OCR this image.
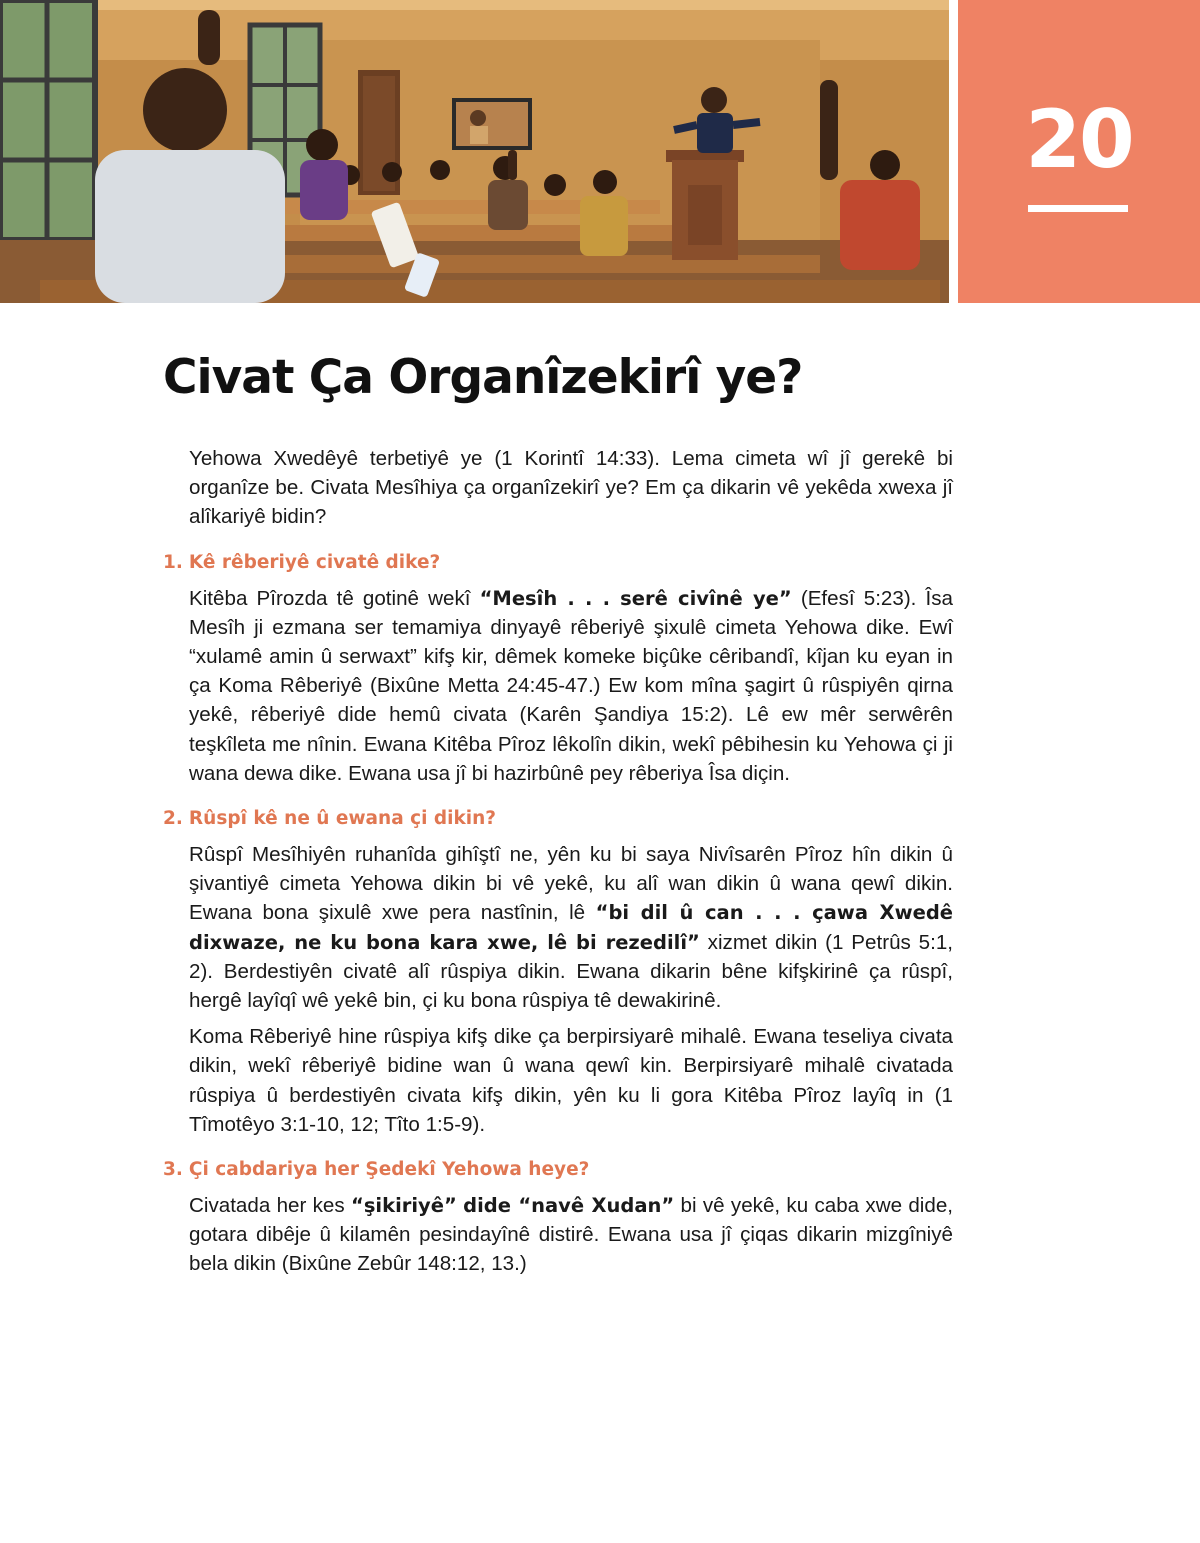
20
Civat Ça Organîzekirî ye?

Yehowa Xwedêyê terbetiyê ye (1 Korintî 14:33). Lema cimeta wî jî gerekê bi organîze be. Civata Mesîhiya ça organîzekirî ye? Em ça dikarin vê yekêda xwexa jî alîkariyê bidin?

1. Kê rêberiyê civatê dike?

Kitêba Pîrozda tê gotinê wekî “Mesîh . . . serê civînê ye” (Efesî 5:23). Îsa Mesîh ji ezmana ser temamiya dinyayê rêberiyê şixulê cimeta Yehowa dike. Ewî “xulamê amin û serwaxt” kifş kir, dêmek komeke biçûke cêribandî, kîjan ku eyan in ça Koma Rêberiyê (Bixûne Metta 24:45-47.) Ew kom mîna şagirt û rûspiyên qirna yekê, rêberiyê dide hemû civata (Karên Şandiya 15:2). Lê ew mêr serwêrên teşkîleta me nînin. Ewana Kitêba Pîroz lêkolîn dikin, wekî pêbihesin ku Yehowa çi ji wana dewa dike. Ewana usa jî bi hazirbûnê pey rêberiya Îsa diçin.

2. Rûspî kê ne û ewana çi dikin?

Rûspî Mesîhiyên ruhanîda gihîştî ne, yên ku bi saya Nivîsarên Pîroz hîn dikin û şivantiyê cimeta Yehowa dikin bi vê yekê, ku alî wan dikin û wana qewî dikin. Ewana bona şixulê xwe pera nastînin, lê “bi dil û can . . . çawa Xwedê dixwaze, ne ku bona kara xwe, lê bi rezedilî” xizmet dikin (1 Petrûs 5:1, 2). Berdestiyên civatê alî rûspiya dikin. Ewana dikarin bêne kifşkirinê ça rûspî, hergê layîqî wê yekê bin, çi ku bona rûspiya tê dewakirinê.

Koma Rêberiyê hine rûspiya kifş dike ça berpirsiyarê mihalê. Ewana teseliya civata dikin, wekî rêberiyê bidine wan û wana qewî kin. Berpirsiyarê mihalê civatada rûspiya û berdestiyên civata kifş dikin, yên ku li gora Kitêba Pîroz layîq in (1 Tîmotêyo 3:1-10, 12; Tîto 1:5-9).

3. Çi cabdariya her Şedekî Yehowa heye?

Civatada her kes “şikiriyê” dide “navê Xudan” bi vê yekê, ku caba xwe dide, gotara dibêje û kilamên pesindayînê distirê. Ewana usa jî çiqas dikarin mizgîniyê bela dikin (Bixûne Zebûr 148:12, 13.)
